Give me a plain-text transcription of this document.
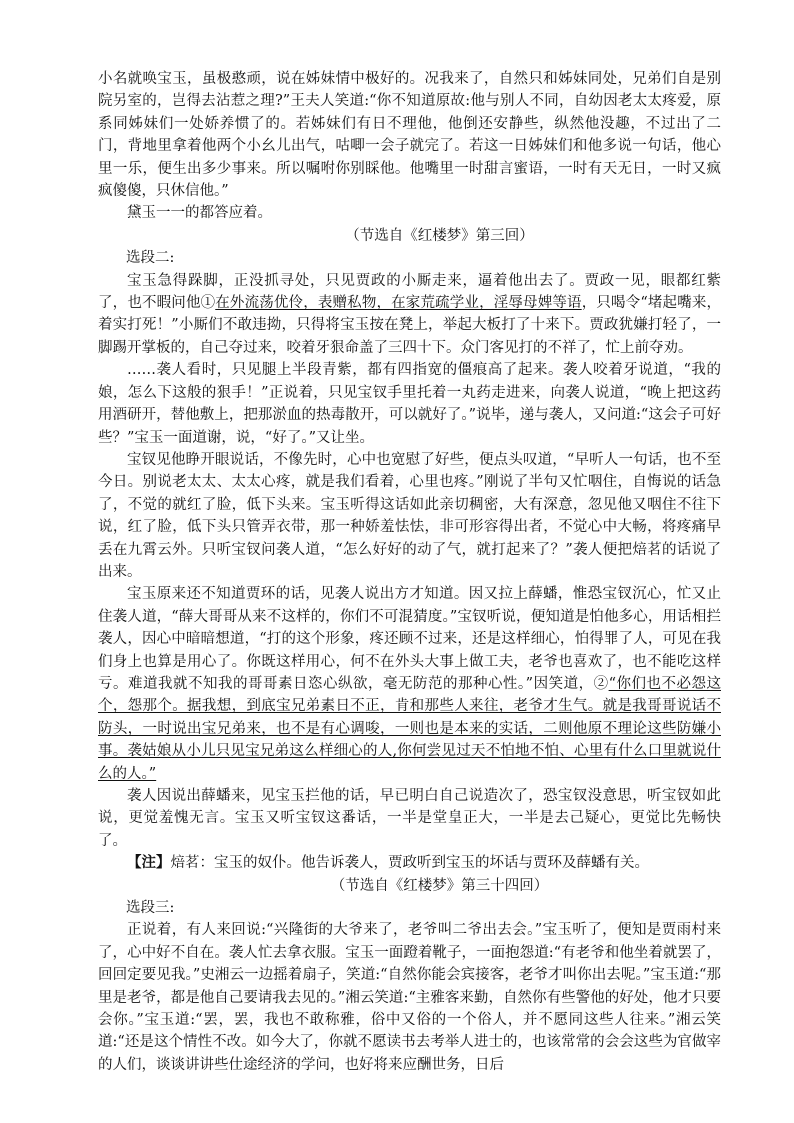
小名就唤宝玉，虽极憨顽，说在姊妹情中极好的。况我来了，自然只和姊妹同处，兄弟们自是别院另室的，岂得去沾惹之理?”王夫人笑道:“你不知道原故:他与别人不同，自幼因老太太疼爱，原系同姊妹们一处娇养惯了的。若姊妹们有日不理他，他倒还安静些，纵然他没趣，不过出了二门，背地里拿着他两个小幺儿出气，咕唧一会子就完了。若这一日姊妹们和他多说一句话，他心里一乐，便生出多少事来。所以嘱咐你别睬他。他嘴里一时甜言蜜语，一时有天无日，一时又疯疯傻傻，只休信他。”

黛玉一一的都答应着。

（节选自《红楼梦》第三回）

选段二:

宝玉急得跺脚，正没抓寻处，只见贾政的小厮走来，逼着他出去了。贾政一见，眼都红紫了，也不暇问他①在外流荡优伶，表赠私物，在家荒疏学业，淫辱母婢等语，只喝令“堵起嘴来，着实打死！”小厮们不敢违拗，只得将宝玉按在凳上，举起大板打了十来下。贾政犹嫌打轻了，一脚踢开掌板的，自己夺过来，咬着牙狠命盖了三四十下。众门客见打的不祥了，忙上前夺劝。

……袭人看时，只见腿上半段青紫，都有四指宽的僵痕高了起来。袭人咬着牙说道，“我的娘，怎么下这般的狠手！”正说着，只见宝钗手里托着一丸药走进来，向袭人说道，“晚上把这药用酒研开，替他敷上，把那淤血的热毒散开，可以就好了。”说毕，递与袭人，又问道:“这会子可好些？”宝玉一面道谢，说，“好了。”又让坐。

宝钗见他睁开眼说话，不像先时，心中也宽慰了好些，便点头叹道，“早听人一句话，也不至今日。别说老太太、太太心疼，就是我们看着，心里也疼。”刚说了半句又忙咽住，自悔说的话急了，不觉的就红了脸，低下头来。宝玉听得这话如此亲切稠密，大有深意，忽见他又咽住不往下说，红了脸，低下头只管弄衣带，那一种娇羞怯怯，非可形容得出者，不觉心中大畅，将疼痛早丢在九霄云外。只听宝钗问袭人道，“怎么好好的动了气，就打起来了？”袭人便把焙茗的话说了出来。

宝玉原来还不知道贾环的话，见袭人说出方才知道。因又拉上薛蟠，惟恐宝钗沉心，忙又止住袭人道，“薛大哥哥从来不这样的，你们不可混猜度。”宝钗听说，便知道是怕他多心，用话相拦袭人，因心中暗暗想道，“打的这个形象，疼还顾不过来，还是这样细心，怕得罪了人，可见在我们身上也算是用心了。你既这样用心，何不在外头大事上做工夫，老爷也喜欢了，也不能吃这样亏。难道我就不知我的哥哥素日恣心纵欲，毫无防范的那种心性。”因笑道，②“你们也不必怨这个，怨那个。据我想，到底宝兄弟素日不正，肯和那些人来往，老爷才生气。就是我哥哥说话不防头，一时说出宝兄弟来，也不是有心调唆，一则也是本来的实话，二则他原不理论这些防嫌小事。袭姑娘从小儿只见宝兄弟这么样细心的人,你何尝见过天不怕地不怕、心里有什么口里就说什么的人。”

袭人因说出薛蟠来，见宝玉拦他的话，早已明白自己说造次了，恐宝钗没意思，听宝钗如此说，更觉羞愧无言。宝玉又听宝钗这番话，一半是堂皇正大，一半是去己疑心，更觉比先畅快了。

【注】焙茗：宝玉的奴仆。他告诉袭人，贾政听到宝玉的坏话与贾环及薛蟠有关。

（节选自《红楼梦》第三十四回）

选段三:

正说着，有人来回说:“兴隆街的大爷来了，老爷叫二爷出去会。”宝玉听了，便知是贾雨村来了，心中好不自在。袭人忙去拿衣服。宝玉一面蹬着靴子，一面抱怨道:“有老爷和他坐着就罢了，回回定要见我。”史湘云一边摇着扇子，笑道:“自然你能会宾接客，老爷才叫你出去呢。”宝玉道:“那里是老爷，都是他自己要请我去见的。”湘云笑道:“主雅客来勤，自然你有些警他的好处，他才只要会你。”宝玉道:“罢，罢，我也不敢称雅，俗中又俗的一个俗人，并不愿同这些人往来。”湘云笑道:“还是这个情性不改。如今大了，你就不愿读书去考举人进士的，也该常常的会会这些为官做宰的人们，谈谈讲讲些仕途经济的学问，也好将来应酬世务，日后
